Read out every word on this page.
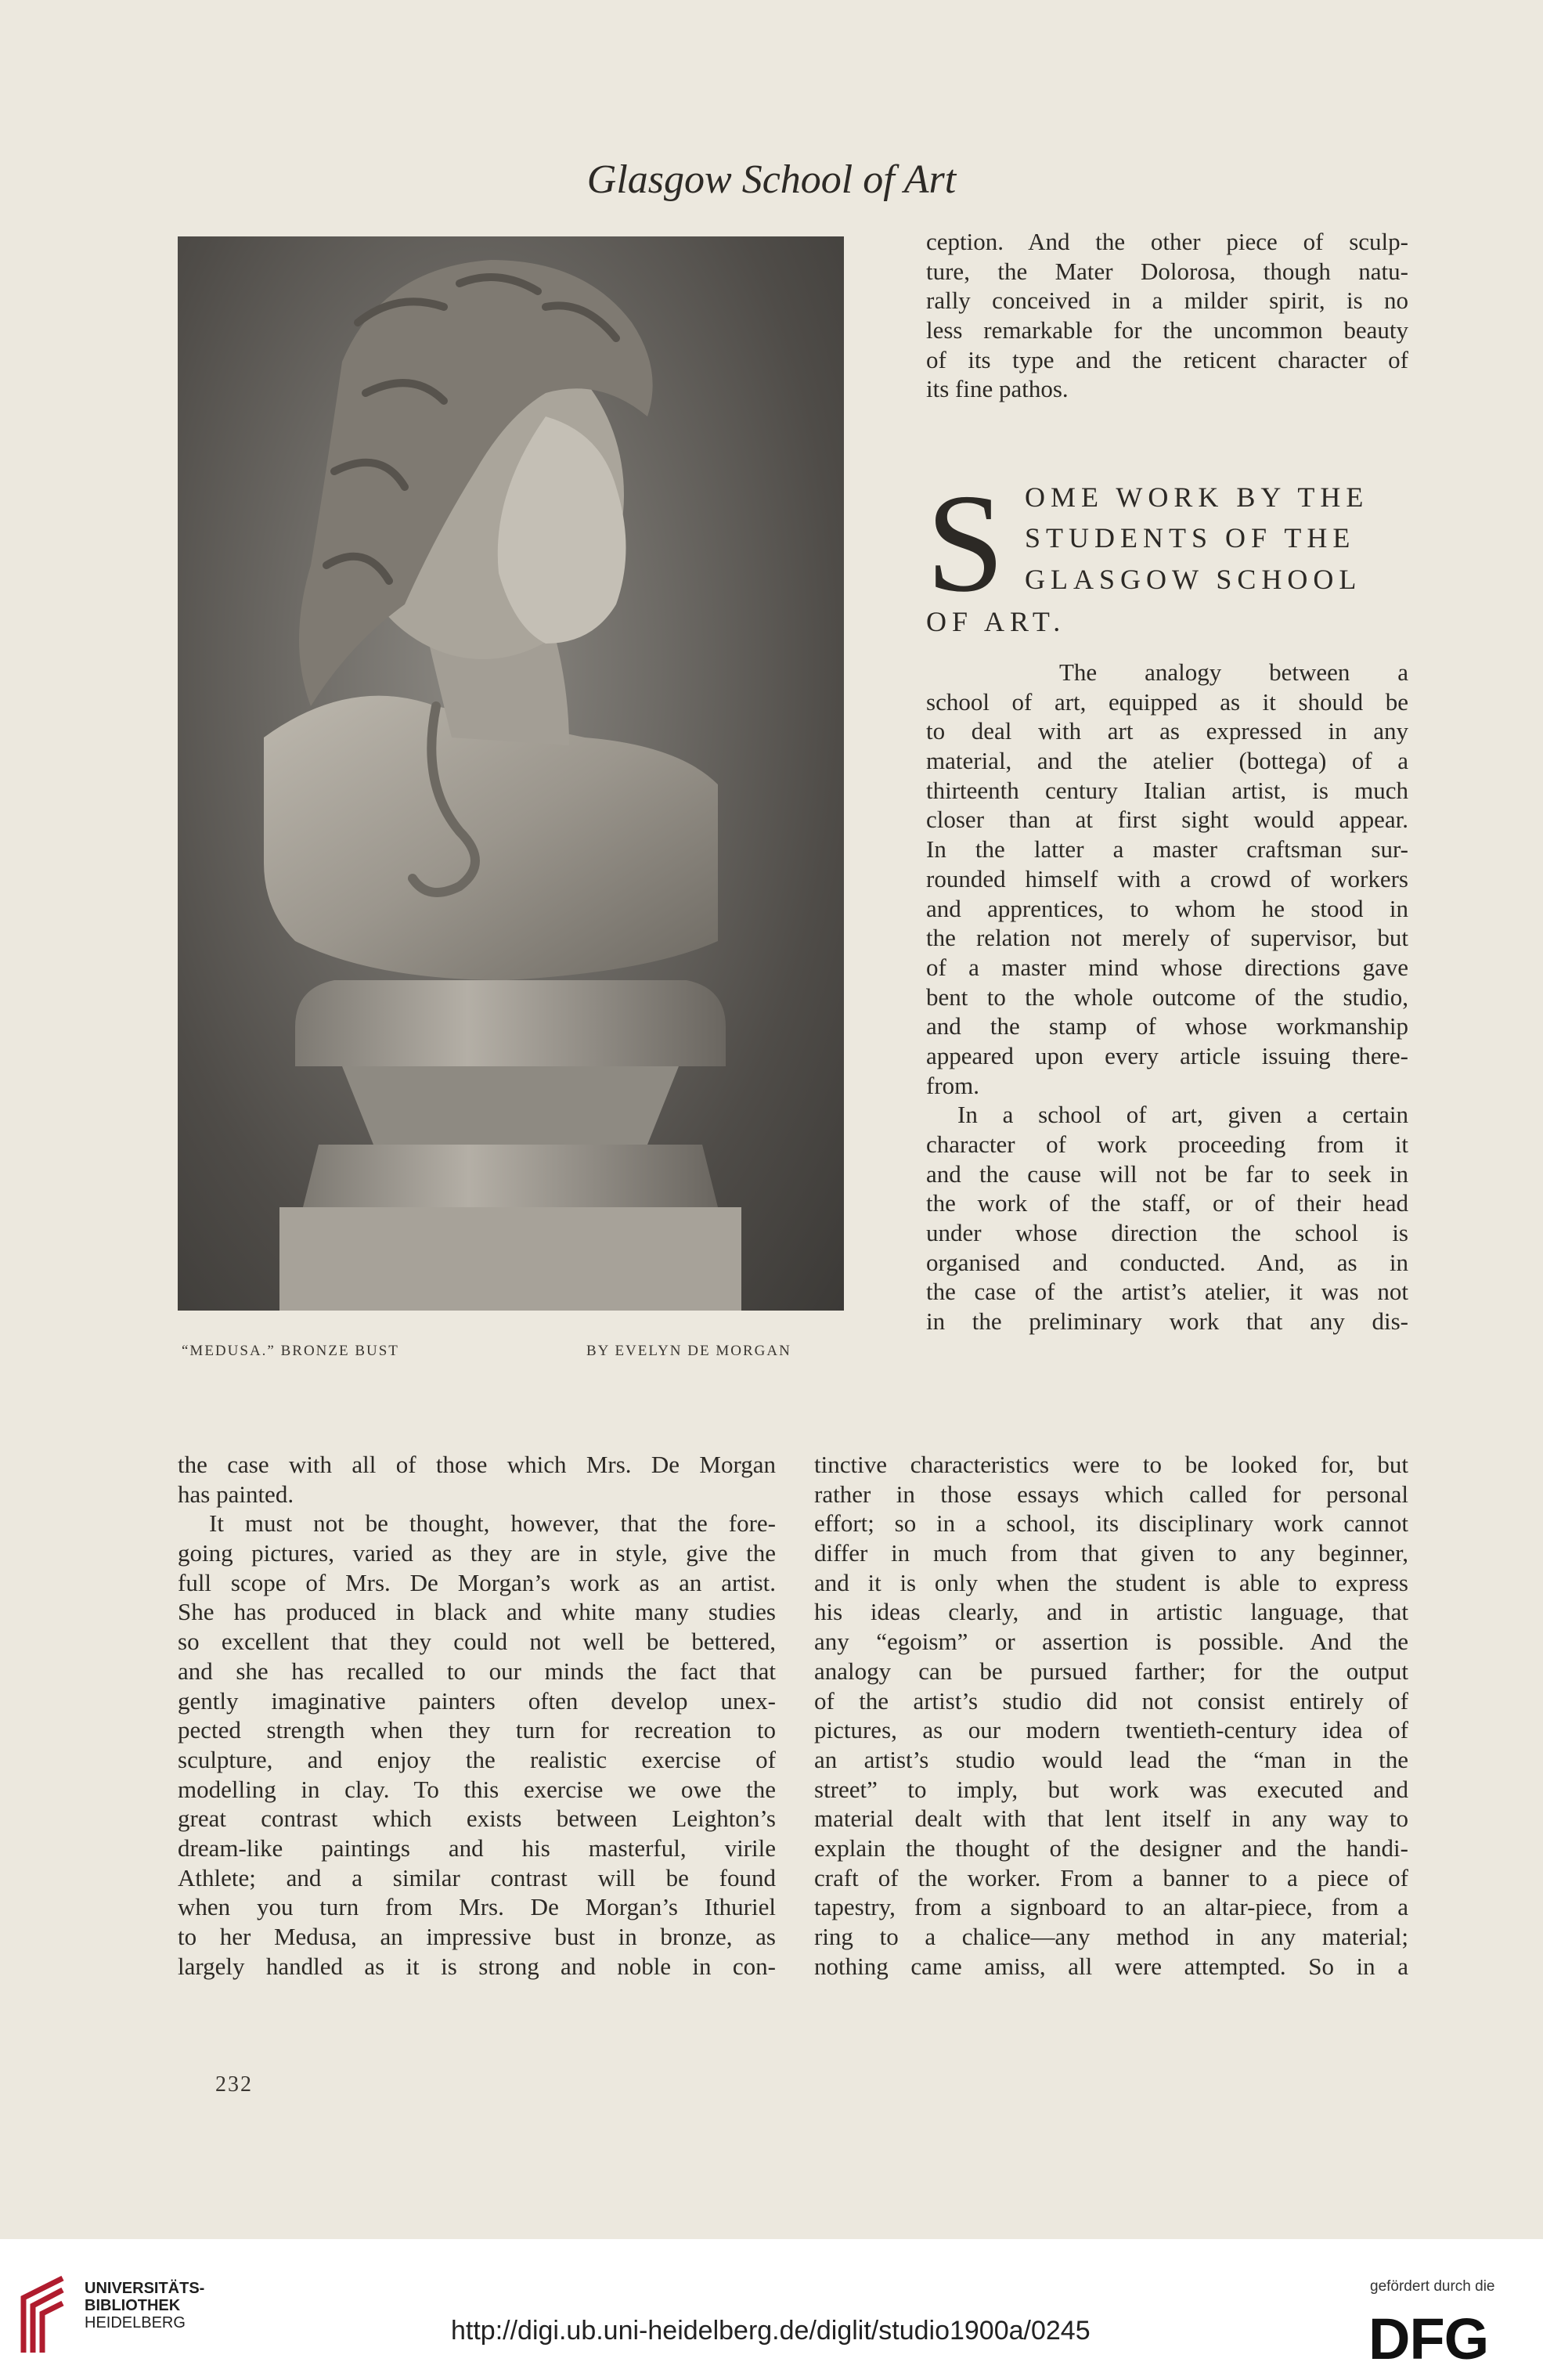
Glasgow School of Art
“MEDUSA.” BRONZE BUST	BY EVELYN DE MORGAN
ception. And the other piece of sculp-
ture, the Mater Dolorosa, though natu-
rally conceived in a milder spirit, is no
less remarkable for the uncommon beauty
of its type and the reticent character of
its fine pathos.
S OME WORK BY THE
STUDENTS OF THE
GLASGOW SCHOOL
OF ART.
The analogy between a
school of art, equipped as it should be
to deal with art as expressed in any
material, and the atelier (bottega) of a
thirteenth century Italian artist, is much
closer than at first sight would appear.
In the latter a master craftsman sur-
rounded himself with a crowd of workers
and apprentices, to whom he stood in
the relation not merely of supervisor, but
of a master mind whose directions gave
bent to the whole outcome of the studio,
and the stamp of whose workmanship
appeared upon every article issuing there-
from.
In a school of art, given a certain
character of work proceeding from it
and the cause will not be far to seek in
the work of the staff, or of their head
under whose direction the school is
organised and conducted. And, as in
the case of the artist’s atelier, it was not
in the preliminary work that any dis-
the case with all of those which Mrs. De Morgan
has painted.
It must not be thought, however, that the fore-
going pictures, varied as they are in style, give the
full scope of Mrs. De Morgan’s work as an artist.
She has produced in black and white many studies
so excellent that they could not well be bettered,
and she has recalled to our minds the fact that
gently imaginative painters often develop unex-
pected strength when they turn for recreation to
sculpture, and enjoy the realistic exercise of
modelling in clay. To this exercise we owe the
great contrast which exists between Leighton’s
dream-like paintings and his masterful, virile
Athlete; and a similar contrast will be found
when you turn from Mrs. De Morgan’s Ithuriel
to her Medusa, an impressive bust in bronze, as
largely handled as it is strong and noble in con-
tinctive characteristics were to be looked for, but
rather in those essays which called for personal
effort; so in a school, its disciplinary work cannot
differ in much from that given to any beginner,
and it is only when the student is able to express
his ideas clearly, and in artistic language, that
any “egoism” or assertion is possible. And the
analogy can be pursued farther; for the output
of the artist’s studio did not consist entirely of
pictures, as our modern twentieth-century idea of
an artist’s studio would lead the “man in the
street” to imply, but work was executed and
material dealt with that lent itself in any way to
explain the thought of the designer and the handi-
craft of the worker. From a banner to a piece of
tapestry, from a signboard to an altar-piece, from a
ring to a chalice—any method in any material;
nothing came amiss, all were attempted. So in a
232
UNIVERSITÄTS-
BIBLIOTHEK
HEIDELBERG	http://digi.ub.uni-heidelberg.de/diglit/studio1900a/0245
gefördert durch die
DFG
